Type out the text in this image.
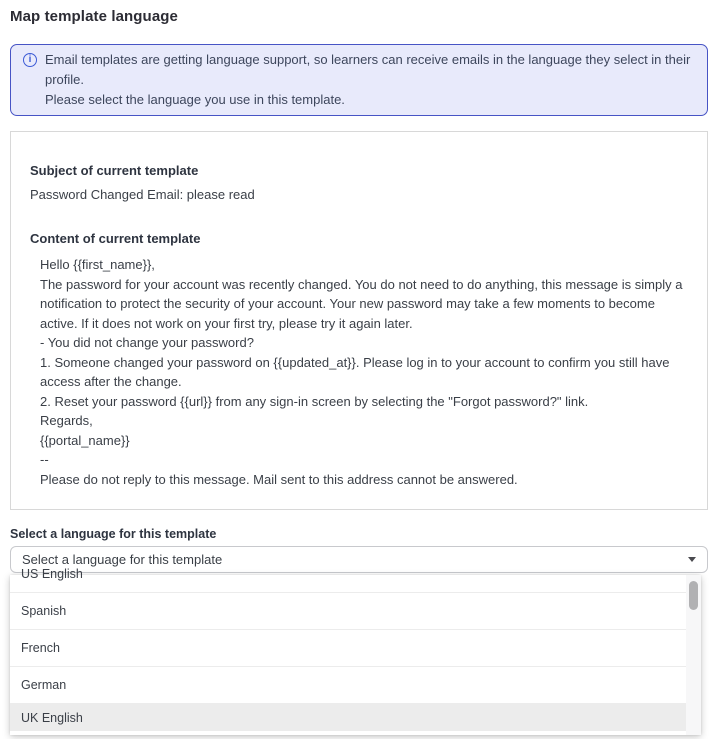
Map template language
i	Email templates are getting language support, so learners can receive emails in the language they select in their profile.
Please select the language you use in this template.
Subject of current template
Password Changed Email: please read
Content of current template
Hello {{first_name}},
The password for your account was recently changed. You do not need to do anything, this message is simply a notification to protect the security of your account. Your new password may take a few moments to become active. If it does not work on your first try, please try it again later.
- You did not change your password?
1. Someone changed your password on {{updated_at}}. Please log in to your account to confirm you still have access after the change.
2. Reset your password {{url}} from any sign-in screen by selecting the "Forgot password?" link.
Regards,
{{portal_name}}
--
Please do not reply to this message. Mail sent to this address cannot be answered.
Select a language for this template
Select a language for this template
US English
Spanish
French
German
UK English
